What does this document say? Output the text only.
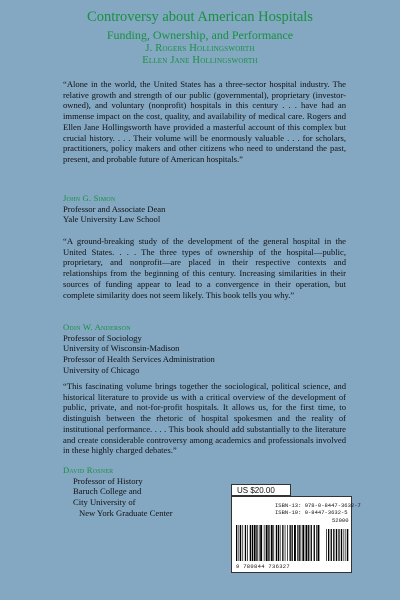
Controversy about American Hospitals
Funding, Ownership, and Performance
J. Rogers Hollingsworth
Ellen Jane Hollingsworth
“Alone in the world, the United States has a three-sector hospital industry. The relative growth and strength of our public (governmental), proprietary (investor-owned), and voluntary (nonprofit) hospitals in this century . . . have had an immense impact on the cost, quality, and availability of medical care. Rogers and Ellen Jane Hollingsworth have provided a masterful account of this complex but crucial history. . . . Their volume will be enormously valuable . . . for scholars, practitioners, policy makers and other citizens who need to understand the past, present, and probable future of American hospitals.”
John G. Simon
Professor and Associate Dean
Yale University Law School
“A ground-breaking study of the development of the general hospital in the United States. . . . The three types of ownership of the hospital—public, proprietary, and nonprofit—are placed in their respective contexts and relationships from the beginning of this century. Increasing similarities in their sources of funding appear to lead to a convergence in their operation, but complete similarity does not seem likely. This book tells you why.”
Odin W. Anderson
Professor of Sociology
University of Wisconsin-Madison
Professor of Health Services Administration
University of Chicago
“This fascinating volume brings together the sociological, political science, and historical literature to provide us with a critical overview of the development of public, private, and not-for-profit hospitals. It allows us, for the first time, to distinguish between the rhetoric of hospital spokesmen and the reality of institutional performance. . . . This book should add substantially to the literature and create considerable controversy among academics and professionals involved in these highly charged debates.”
David Rosner
Professor of History
Baruch College and
City University of
New York Graduate Center
US $20.00
ISBN-13: 978-0-8447-3632-7
ISBN-10: 0-8447-3632-5
52000
9 780844 736327
